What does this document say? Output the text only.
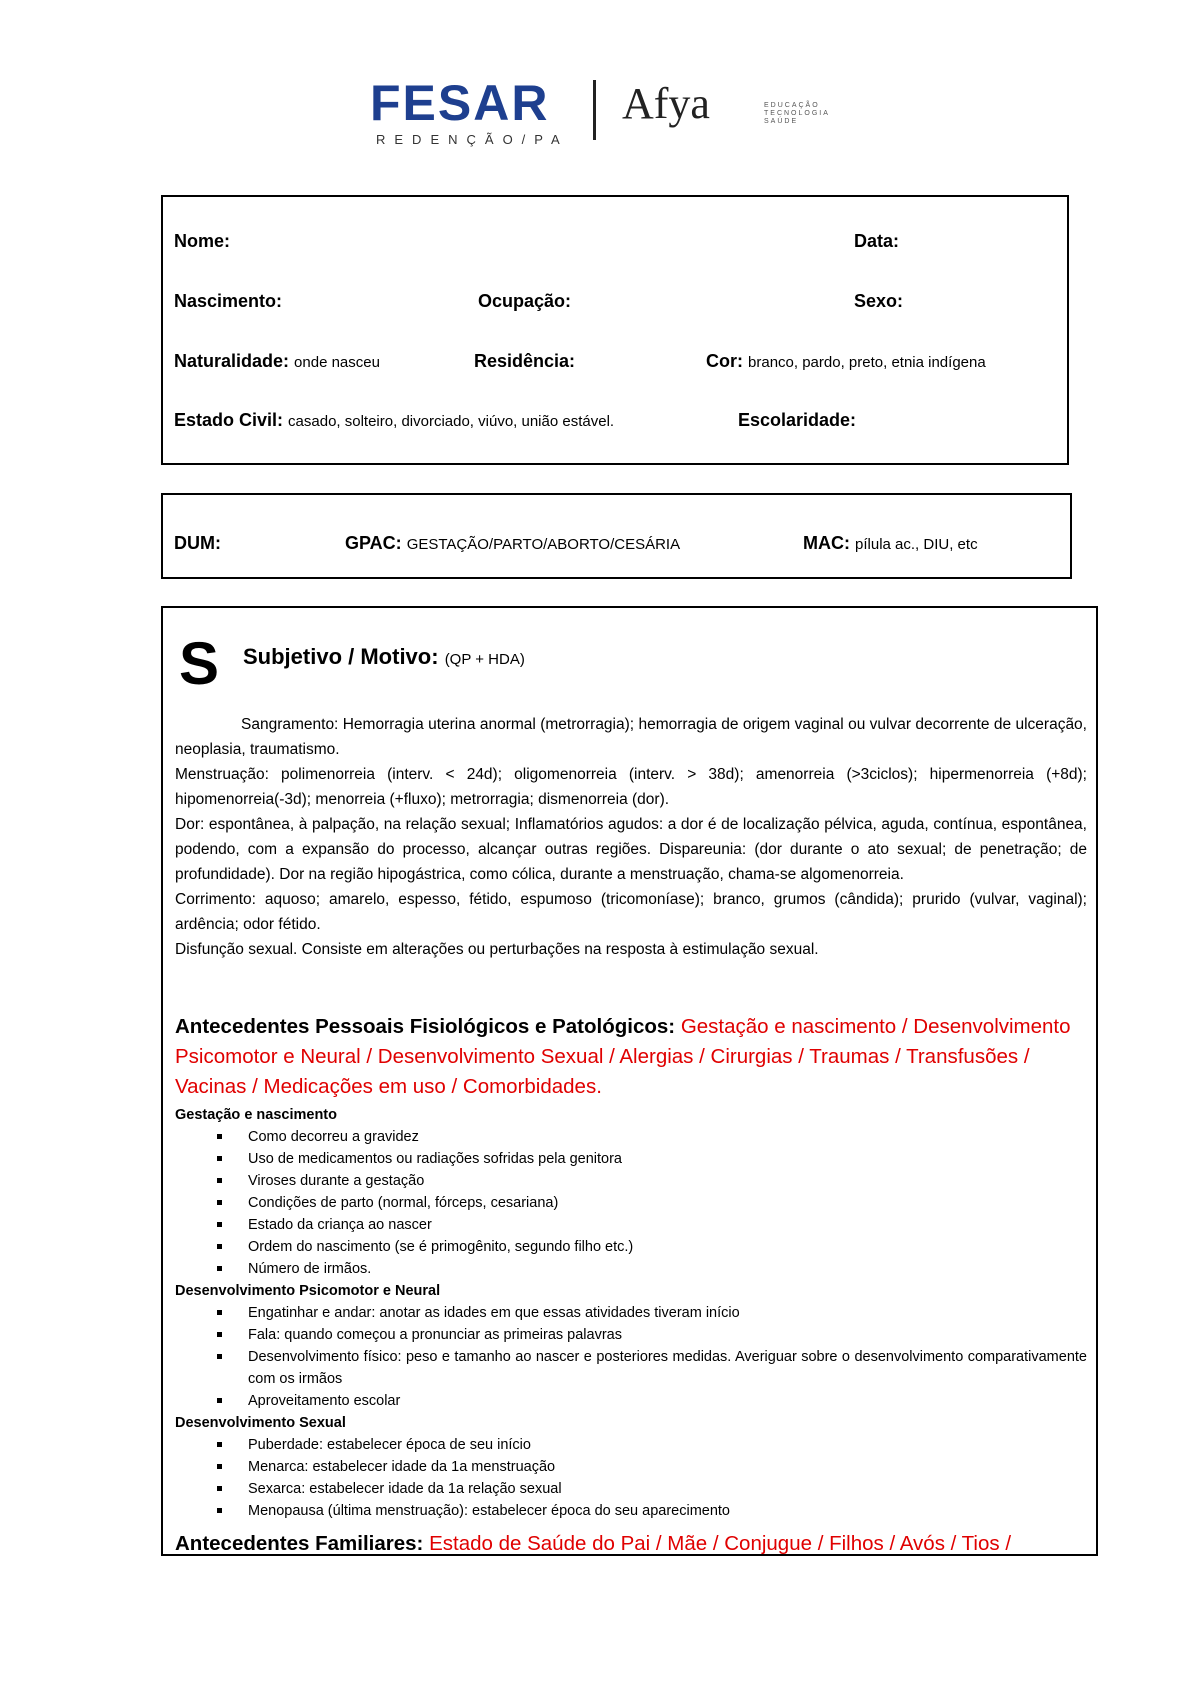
FESAR
REDENÇÃO/PA
Afya	EDUCAÇÃO
TECNOLOGIA
SAÚDE
Nome:	Data:
Nascimento:	Ocupação:	Sexo:
Naturalidade: onde nasceu	Residência:	Cor: branco, pardo, preto, etnia indígena
Estado Civil: casado, solteiro, divorciado, viúvo, união estável.	Escolaridade:
DUM:	GPAC: GESTAÇÃO/PARTO/ABORTO/CESÁRIA	MAC: pílula ac., DIU, etc
S Subjetivo / Motivo: (QP + HDA)

Sangramento: Hemorragia uterina anormal (metrorragia); hemorragia de origem vaginal ou vulvar decorrente de ulceração, neoplasia, traumatismo.

Menstruação: polimenorreia (interv. < 24d); oligomenorreia (interv. > 38d); amenorreia (>3ciclos); hipermenorreia (+8d); hipomenorreia(-3d); menorreia (+fluxo); metrorragia; dismenorreia (dor).

Dor: espontânea, à palpação, na relação sexual; Inflamatórios agudos: a dor é de localização pélvica, aguda, contínua, espontânea, podendo, com a expansão do processo, alcançar outras regiões. Dispareunia: (dor durante o ato sexual; de penetração; de profundidade). Dor na região hipogástrica, como cólica, durante a menstruação, chama-se algomenorreia.

Corrimento: aquoso; amarelo, espesso, fétido, espumoso (tricomoníase); branco, grumos (cândida); prurido (vulvar, vaginal); ardência; odor fétido.

Disfunção sexual. Consiste em alterações ou perturbações na resposta à estimulação sexual.

Antecedentes Pessoais Fisiológicos e Patológicos: Gestação e nascimento / Desenvolvimento Psicomotor e Neural / Desenvolvimento Sexual / Alergias / Cirurgias / Traumas / Transfusões / Vacinas / Medicações em uso / Comorbidades.
Gestação e nascimento
Como decorreu a gravidez
Uso de medicamentos ou radiações sofridas pela genitora
Viroses durante a gestação
Condições de parto (normal, fórceps, cesariana)
Estado da criança ao nascer
Ordem do nascimento (se é primogênito, segundo filho etc.)
Número de irmãos.
Desenvolvimento Psicomotor e Neural
Engatinhar e andar: anotar as idades em que essas atividades tiveram início
Fala: quando começou a pronunciar as primeiras palavras
Desenvolvimento físico: peso e tamanho ao nascer e posteriores medidas. Averiguar sobre o desenvolvimento comparativamente com os irmãos
Aproveitamento escolar
Desenvolvimento Sexual
Puberdade: estabelecer época de seu início
Menarca: estabelecer idade da 1a menstruação
Sexarca: estabelecer idade da 1a relação sexual
Menopausa (última menstruação): estabelecer época do seu aparecimento
Antecedentes Familiares: Estado de Saúde do Pai / Mãe / Conjugue / Filhos / Avós / Tios /
